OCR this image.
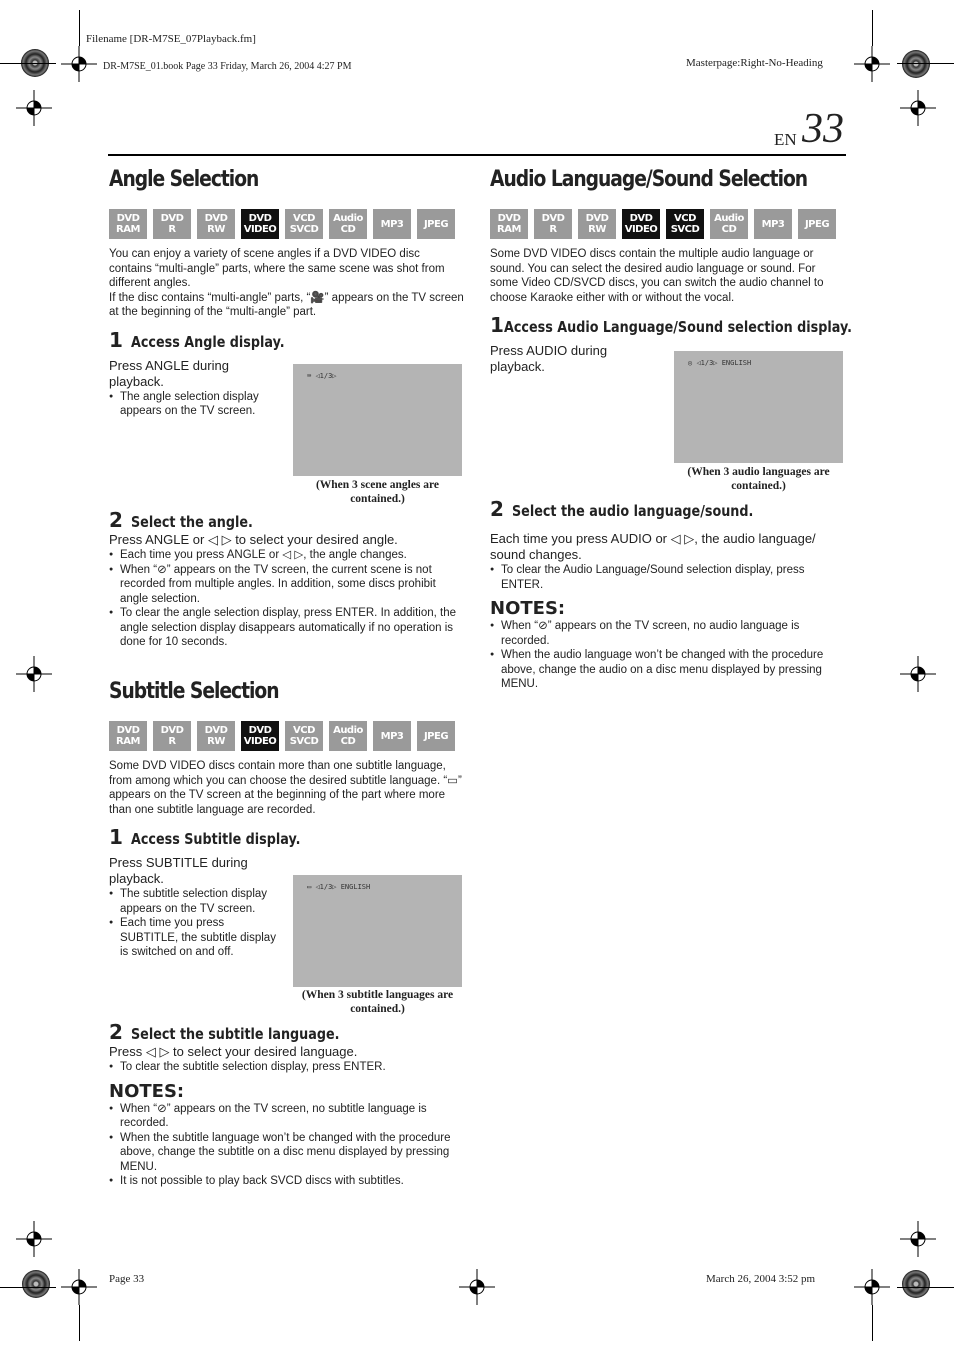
Filename [DR-M7SE_07Playback.fm]
DR-M7SE_01.book Page 33 Friday, March 26, 2004 4:27 PM	Masterpage:Right-No-Heading
Page 33	March 26, 2004 3:52 pm
EN 33
Angle Selection
DVD
RAM
DVD
R
DVD
RW
DVD
VIDEO
VCD
SVCD
Audio
CD	MP3 JPEG
You can enjoy a variety of scene angles if a DVD VIDEO disc contains “multi-angle” parts, where the same scene was shot from different angles.
If the disc contains “multi-angle” parts, “🎥” appears on the TV screen at the beginning of the “multi-angle” part.
1 Access Angle display.
Press ANGLE during playback.
● The angle selection display appears on the TV screen.
⌨ ◁1/3▷
(When 3 scene angles are contained.)
2 Select the angle.
Press ANGLE or ◁ ▷ to select your desired angle.
● Each time you press ANGLE or ◁ ▷, the angle changes.
● When “⊘” appears on the TV screen, the current scene is not recorded from multiple angles. In addition, some discs prohibit angle selection.
● To clear the angle selection display, press ENTER. In addition, the angle selection display disappears automatically if no operation is done for 10 seconds.
Subtitle Selection
DVD
RAM
DVD
R
DVD
RW
DVD
VIDEO
VCD
SVCD
Audio
CD	MP3 JPEG
Some DVD VIDEO discs contain more than one subtitle language, from among which you can choose the desired subtitle language. “▭” appears on the TV screen at the beginning of the part where more than one subtitle language are recorded.
1 Access Subtitle display.
Press SUBTITLE during playback.
● The subtitle selection display appears on the TV screen.
● Each time you press SUBTITLE, the subtitle display is switched on and off.
▭ ◁1/3▷ ENGLISH
(When 3 subtitle languages are contained.)
2 Select the subtitle language.
Press ◁ ▷ to select your desired language.
● To clear the subtitle selection display, press ENTER.
NOTES:
● When “⊘” appears on the TV screen, no subtitle language is recorded.
● When the subtitle language won’t be changed with the procedure above, change the subtitle on a disc menu displayed by pressing MENU.
● It is not possible to play back SVCD discs with subtitles.
Audio Language/Sound Selection
DVD
RAM
DVD
R
DVD
RW
DVD
VIDEO
VCD
SVCD
Audio
CD	MP3 JPEG
Some DVD VIDEO discs contain the multiple audio language or sound. You can select the desired audio language or sound. For some Video CD/SVCD discs, you can switch the audio channel to choose Karaoke either with or without the vocal.
1 Access Audio Language/Sound selection display.
Press AUDIO during playback.	◎ ◁1/3▷ ENGLISH
(When 3 audio languages are contained.)
2 Select the audio language/sound.
Each time you press AUDIO or ◁ ▷, the audio language/ sound changes.
● To clear the Audio Language/Sound selection display, press ENTER.
NOTES:
● When “⊘” appears on the TV screen, no audio language is recorded.
● When the audio language won’t be changed with the procedure above, change the audio on a disc menu displayed by pressing MENU.
